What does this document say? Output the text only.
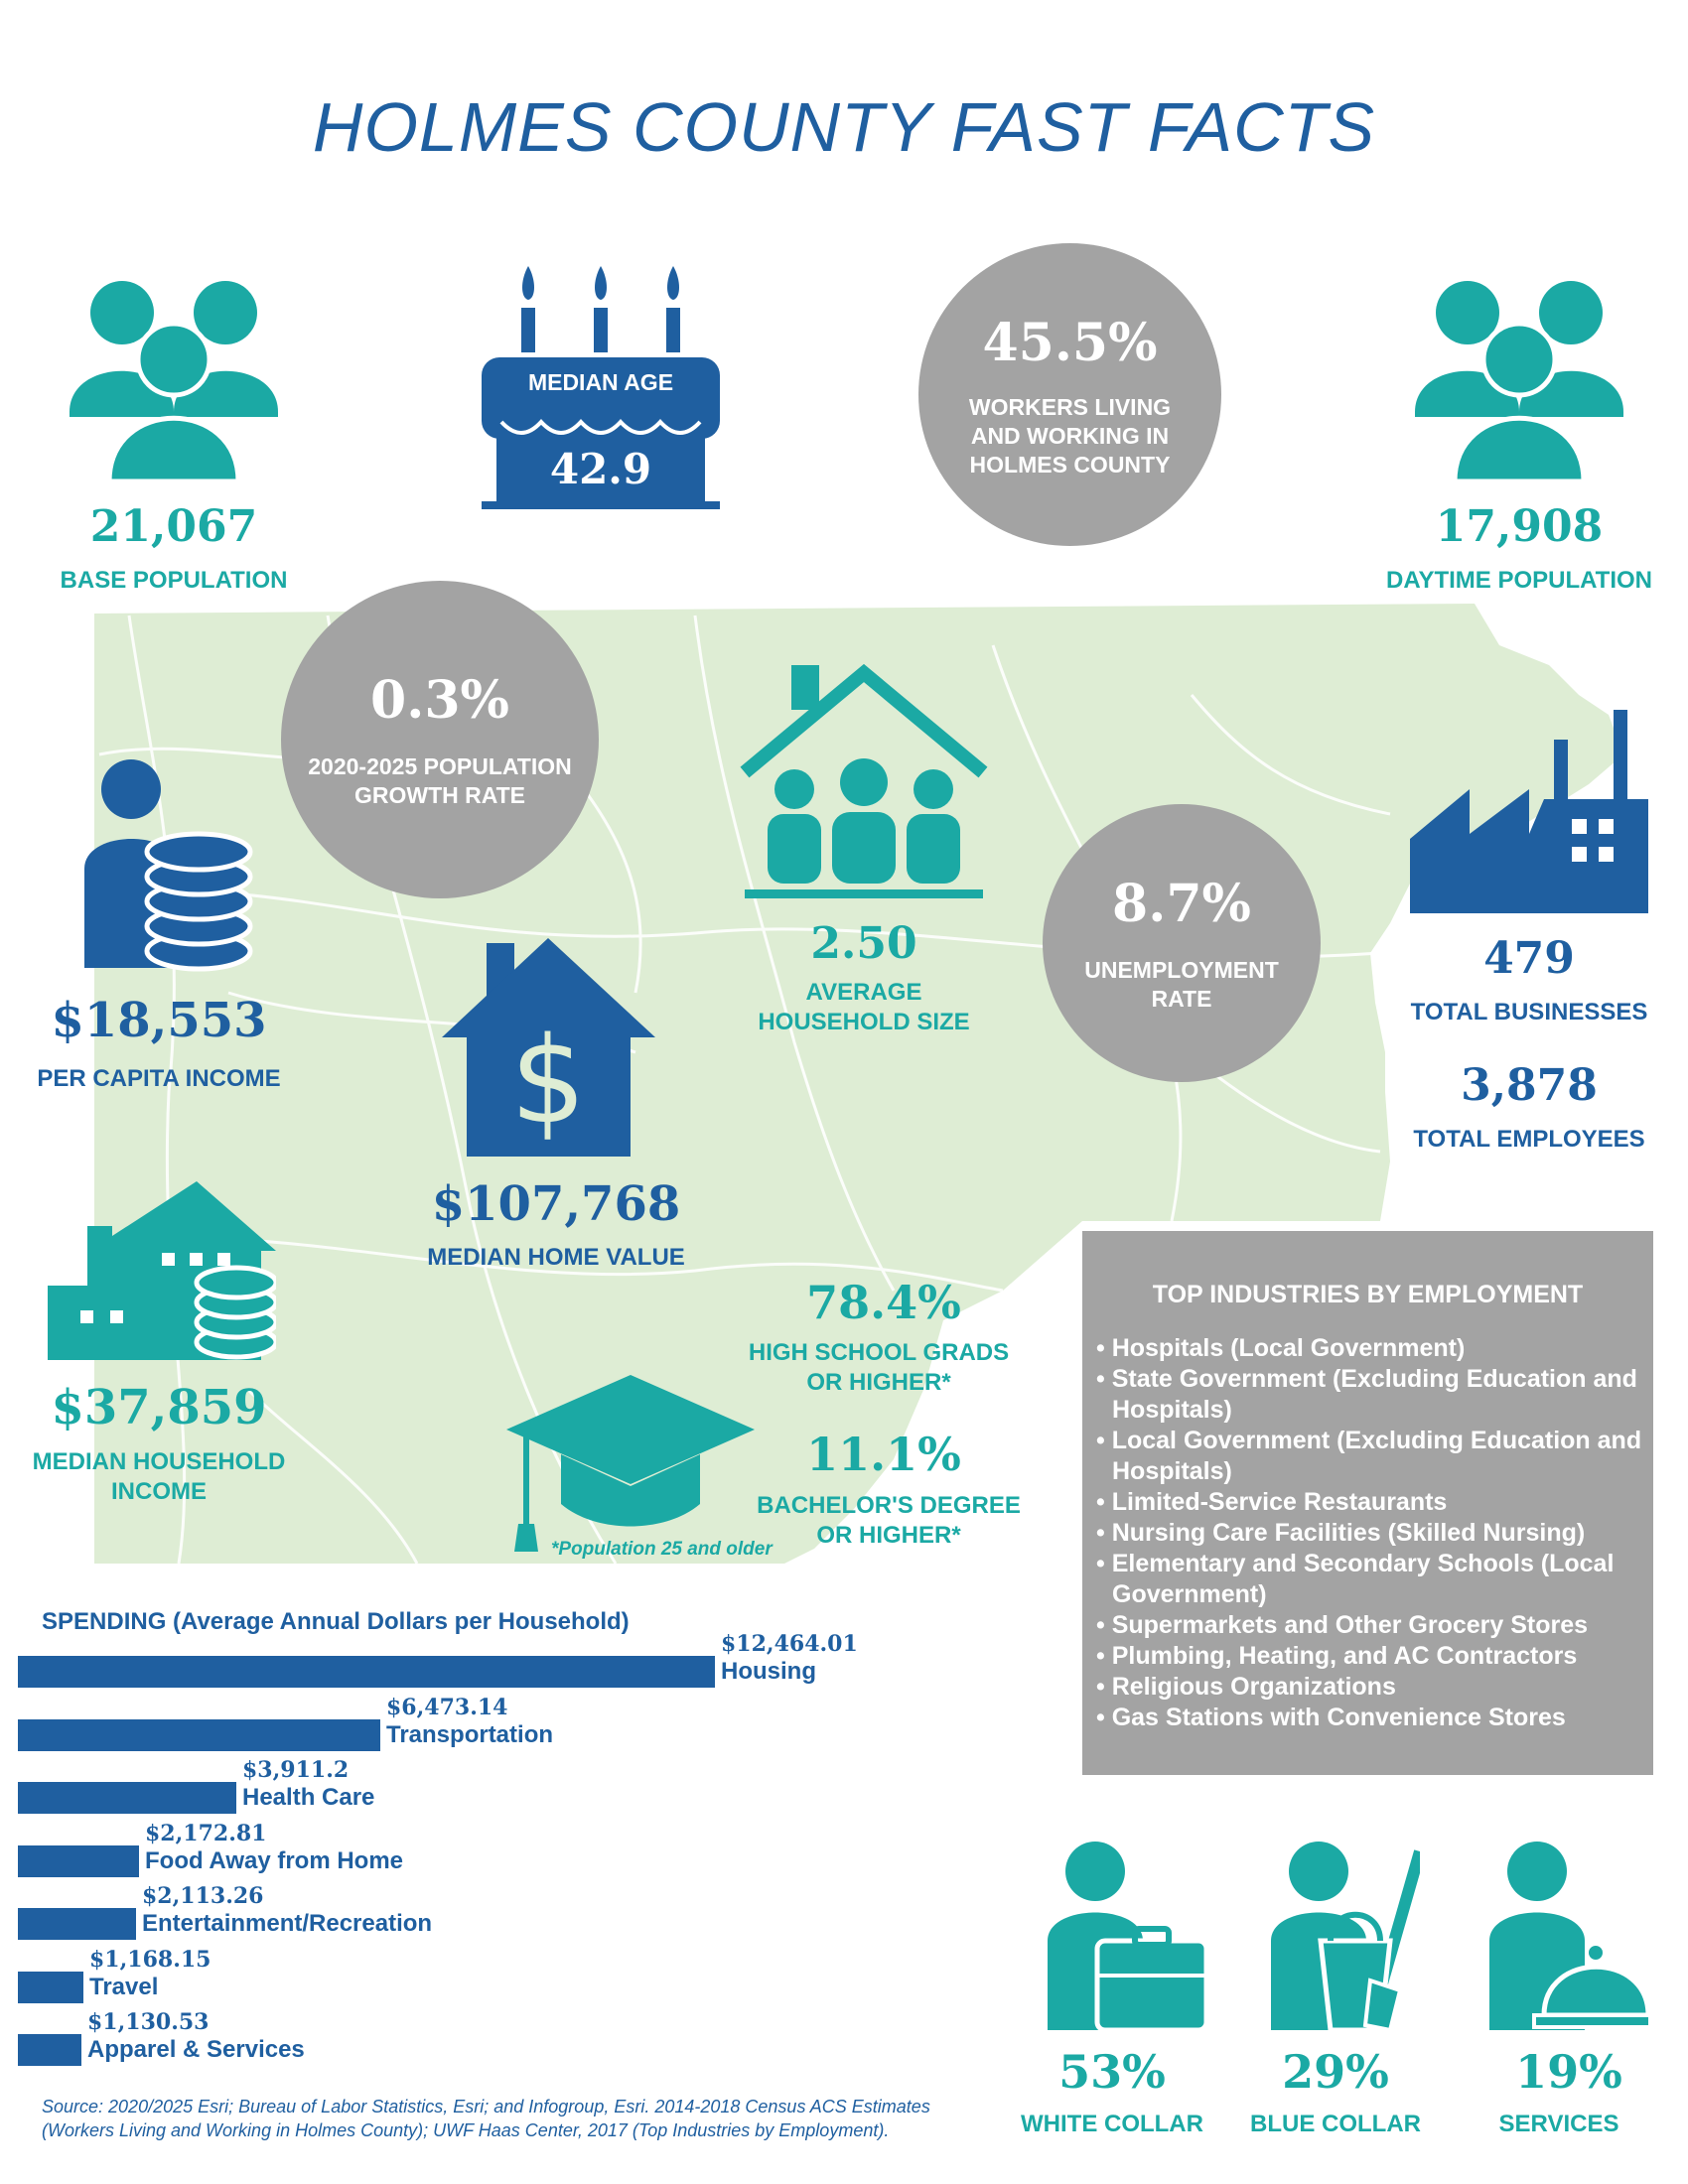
HOLMES COUNTY FAST FACTS
21,067
BASE POPULATION
MEDIAN AGE
42.9
45.5%
WORKERS LIVING AND WORKING IN HOLMES COUNTY
17,908
DAYTIME POPULATION
0.3%
2020-2025 POPULATION GROWTH RATE
2.50
AVERAGE
HOUSEHOLD SIZE
8.7%
UNEMPLOYMENT RATE
479
TOTAL BUSINESSES
3,878
TOTAL EMPLOYEES
$18,553
PER CAPITA INCOME $
$107,768
MEDIAN HOME VALUE
$37,859
MEDIAN HOUSEHOLD
INCOME
78.4%
HIGH SCHOOL GRADS
OR HIGHER*
11.1%
BACHELOR'S DEGREE
OR HIGHER*
*Population 25 and older
TOP INDUSTRIES BY EMPLOYMENT
• Hospitals (Local Government)
• State Government (Excluding Education and Hospitals)
• Local Government (Excluding Education and Hospitals)
• Limited-Service Restaurants
• Nursing Care Facilities (Skilled Nursing)
• Elementary and Secondary Schools (Local Government)
• Supermarkets and Other Grocery Stores
• Plumbing, Heating, and AC Contractors
• Religious Organizations
• Gas Stations with Convenience Stores
SPENDING (Average Annual Dollars per Household)
$12,464.01
Housing
$6,473.14
Transportation
$3,911.2
Health Care
$2,172.81
Food Away from Home
$2,113.26
Entertainment/Recreation
$1,168.15
Travel
$1,130.53
Apparel & Services
Source: 2020/2025 Esri; Bureau of Labor Statistics, Esri; and Infogroup, Esri. 2014-2018 Census ACS Estimates (Workers Living and Working in Holmes County); UWF Haas Center, 2017 (Top Industries by Employment).
53%
WHITE COLLAR
29%
BLUE COLLAR
19%
SERVICES
